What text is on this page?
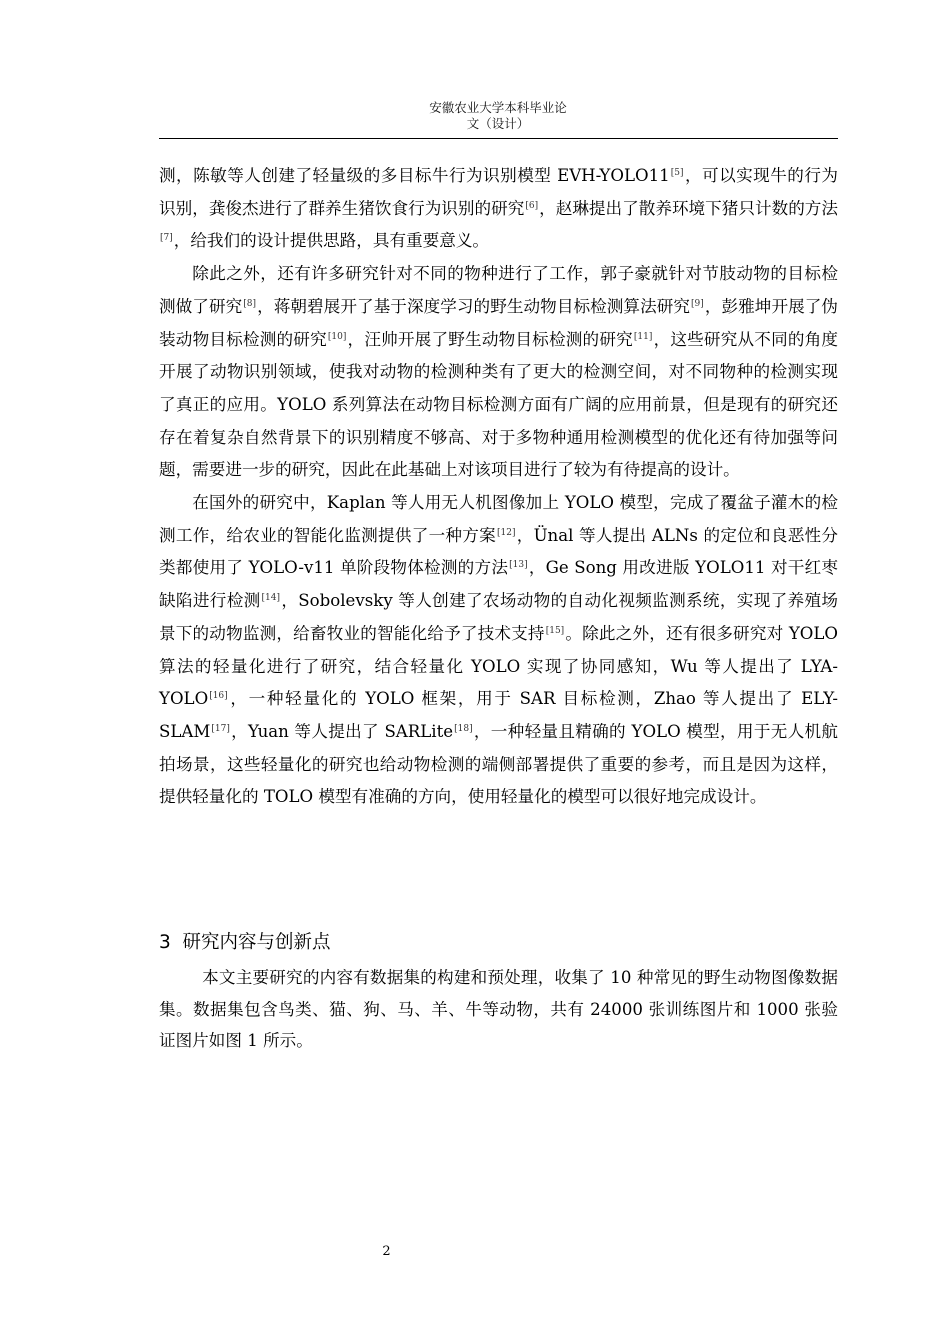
安徽农业大学本科毕业论
文（设计）

测，陈敏等人创建了轻量级的多目标牛行为识别模型 EVH-YOLO11[5]，可以实现牛的行为识别，龚俊杰进行了群养生猪饮食行为识别的研究[6]，赵琳提出了散养环境下猪只计数的方法[7]，给我们的设计提供思路，具有重要意义。

除此之外，还有许多研究针对不同的物种进行了工作，郭子豪就针对节肢动物的目标检测做了研究[8]，蒋朝碧展开了基于深度学习的野生动物目标检测算法研究[9]，彭雅坤开展了伪装动物目标检测的研究[10]，汪帅开展了野生动物目标检测的研究[11]，这些研究从不同的角度开展了动物识别领域，使我对动物的检测种类有了更大的检测空间，对不同物种的检测实现了真正的应用。YOLO 系列算法在动物目标检测方面有广阔的应用前景，但是现有的研究还存在着复杂自然背景下的识别精度不够高、对于多物种通用检测模型的优化还有待加强等问题，需要进一步的研究，因此在此基础上对该项目进行了较为有待提高的设计。

在国外的研究中，Kaplan 等人用无人机图像加上 YOLO 模型，完成了覆盆子灌木的检测工作，给农业的智能化监测提供了一种方案[12]，Ünal 等人提出 ALNs 的定位和良恶性分类都使用了 YOLO-v11 单阶段物体检测的方法[13]，Ge Song 用改进版 YOLO11 对干红枣缺陷进行检测[14]，Sobolevsky 等人创建了农场动物的自动化视频监测系统，实现了养殖场景下的动物监测，给畜牧业的智能化给予了技术支持[15]。除此之外，还有很多研究对 YOLO 算法的轻量化进行了研究，结合轻量化 YOLO 实现了协同感知，Wu 等人提出了 LYA-YOLO[16]，一种轻量化的 YOLO 框架，用于 SAR 目标检测，Zhao 等人提出了 ELY-SLAM[17]，Yuan 等人提出了 SARLite[18]，一种轻量且精确的 YOLO 模型，用于无人机航拍场景，这些轻量化的研究也给动物检测的端侧部署提供了重要的参考，而且是因为这样，提供轻量化的 TOLO 模型有准确的方向，使用轻量化的模型可以很好地完成设计。

3  研究内容与创新点

本文主要研究的内容有数据集的构建和预处理，收集了 10 种常见的野生动物图像数据集。数据集包含鸟类、猫、狗、马、羊、牛等动物，共有 24000 张训练图片和 1000 张验证图片如图 1 所示。

2
